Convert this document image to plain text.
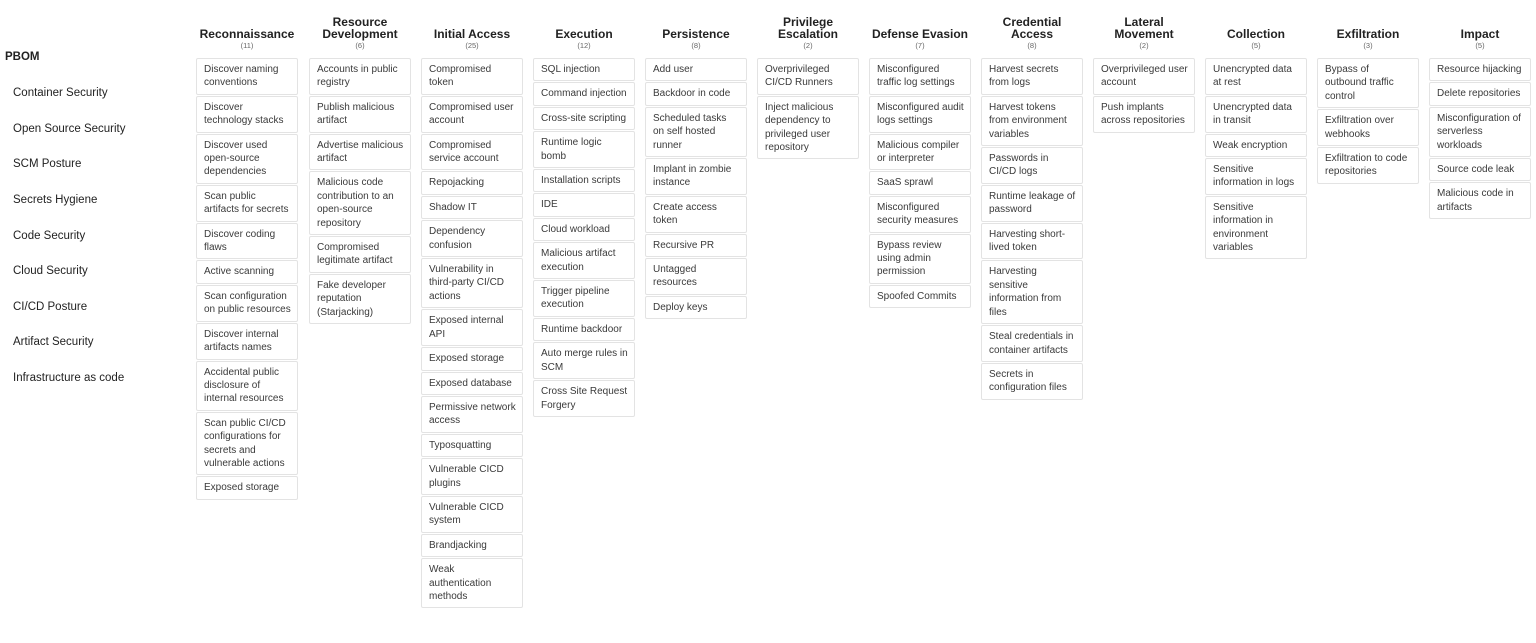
PBOM
Container Security
Open Source Security
SCM Posture
Secrets Hygiene
Code Security
Cloud Security
CI/CD Posture
Artifact Security
Infrastructure as code
Reconnaissance
(11)
Discover naming conventions
Discover technology stacks
Discover used open-source dependencies
Scan public artifacts for secrets
Discover coding flaws
Active scanning
Scan configuration on public resources
Discover internal artifacts names
Accidental public disclosure of internal resources
Scan public CI/CD configurations for secrets and vulnerable actions
Exposed storage
Resource Development
(6)
Accounts in public registry
Publish malicious artifact
Advertise malicious artifact
Malicious code contribution to an open-source repository
Compromised legitimate artifact
Fake developer reputation (Starjacking)
Initial Access
(25)
Compromised token
Compromised user account
Compromised service account
Repojacking
Shadow IT
Dependency confusion
Vulnerability in third-party CI/CD actions
Exposed internal API
Exposed storage
Exposed database
Permissive network access
Typosquatting
Vulnerable CICD plugins
Vulnerable CICD system
Brandjacking
Weak authentication methods
Execution
(12)
SQL injection
Command injection
Cross-site scripting
Runtime logic bomb
Installation scripts
IDE
Cloud workload
Malicious artifact execution
Trigger pipeline execution
Runtime backdoor
Auto merge rules in SCM
Cross Site Request Forgery
Persistence
(8)
Add user
Backdoor in code
Scheduled tasks on self hosted runner
Implant in zombie instance
Create access token
Recursive PR
Untagged resources
Deploy keys
Privilege Escalation
(2)
Overprivileged CI/CD Runners
Inject malicious dependency to privileged user repository
Defense Evasion
(7)
Misconfigured traffic log settings
Misconfigured audit logs settings
Malicious compiler or interpreter
SaaS sprawl
Misconfigured security measures
Bypass review using admin permission
Spoofed Commits
Credential Access
(8)
Harvest secrets from logs
Harvest tokens from environment variables
Passwords in CI/CD logs
Runtime leakage of password
Harvesting short-lived token
Harvesting sensitive information from files
Steal credentials in container artifacts
Secrets in configuration files
Lateral Movement
(2)
Overprivileged user account
Push implants across repositories
Collection
(5)
Unencrypted data at rest
Unencrypted data in transit
Weak encryption
Sensitive information in logs
Sensitive information in environment variables
Exfiltration
(3)
Bypass of outbound traffic control
Exfiltration over webhooks
Exfiltration to code repositories
Impact
(5)
Resource hijacking
Delete repositories
Misconfiguration of serverless workloads
Source code leak
Malicious code in artifacts
